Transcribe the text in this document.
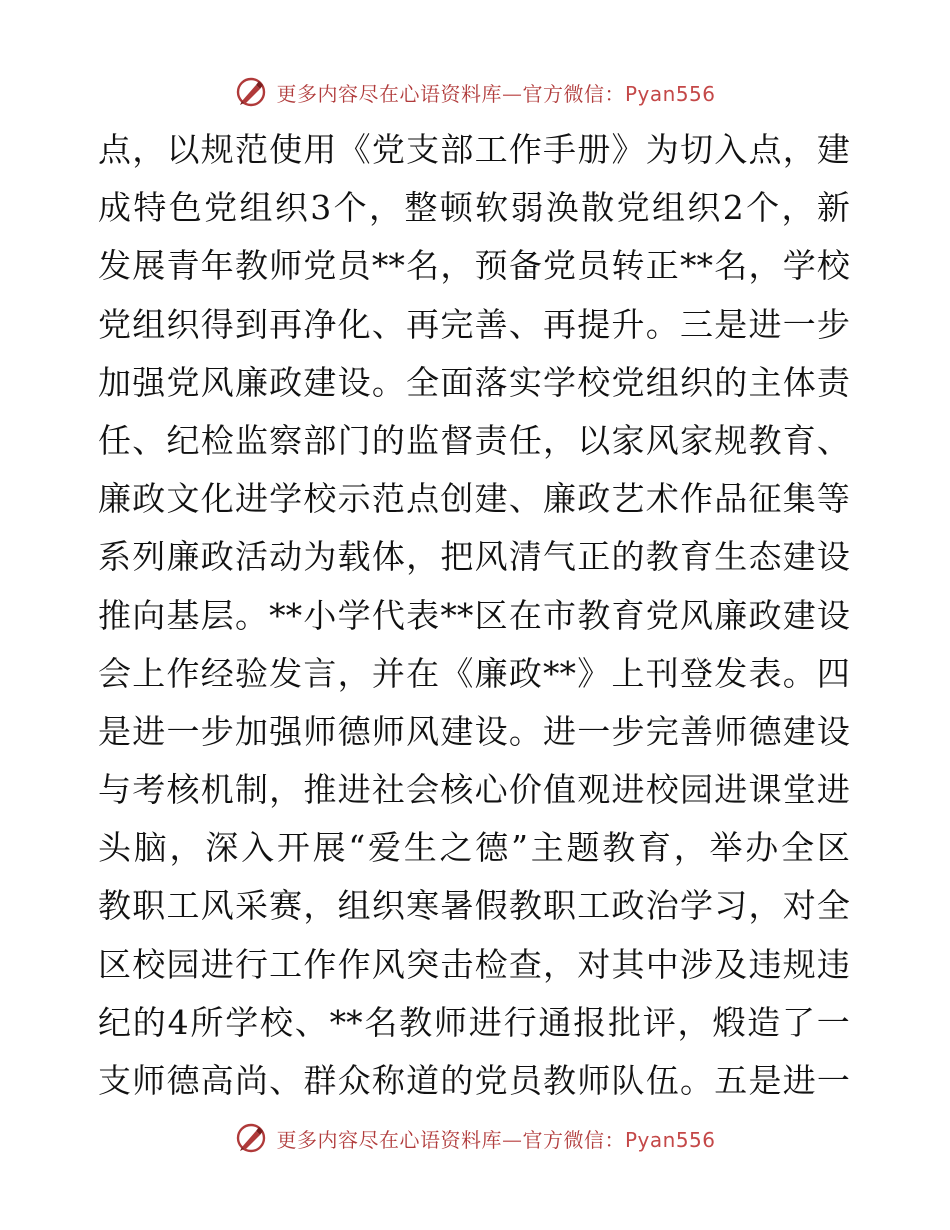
更多内容尽在心语资料库—官方微信：Pyan556
点 ， 以 规 范 使 用 《 党 支 部 工 作 手 册 》 为 切 入 点 ， 建
成 特 色 党 组 织 3 个 ， 整 顿 软 弱 涣 散 党 组 织 2 个 ， 新
发 展 青 年 教 师 党 员 ** 名 ， 预 备 党 员 转 正 ** 名 ， 学 校
党 组 织 得 到 再 净 化 、 再 完 善 、 再 提 升 。 三 是 进 一 步
加 强 党 风 廉 政 建 设 。 全 面 落 实 学 校 党 组 织 的 主 体 责
任 、 纪 检 监 察 部 门 的 监 督 责 任 ， 以 家 风 家 规 教 育 、
廉 政 文 化 进 学 校 示 范 点 创 建 、 廉 政 艺 术 作 品 征 集 等
系 列 廉 政 活 动 为 载 体 ， 把 风 清 气 正 的 教 育 生 态 建 设
推 向 基 层 。 ** 小 学 代 表 ** 区 在 市 教 育 党 风 廉 政 建 设
会 上 作 经 验 发 言 ， 并 在 《 廉 政 ** 》 上 刊 登 发 表 。 四
是 进 一 步 加 强 师 德 师 风 建 设 。 进 一 步 完 善 师 德 建 设
与 考 核 机 制 ， 推 进 社 会 核 心 价 值 观 进 校 园 进 课 堂 进
头 脑 ， 深 入 开 展 “ 爱 生 之 德 ” 主 题 教 育 ， 举 办 全 区
教 职 工 风 采 赛 ， 组 织 寒 暑 假 教 职 工 政 治 学 习 ， 对 全
区 校 园 进 行 工 作 作 风 突 击 检 查 ， 对 其 中 涉 及 违 规 违
纪 的 4 所 学 校 、 ** 名 教 师 进 行 通 报 批 评 ， 煅 造 了 一
支 师 德 高 尚 、 群 众 称 道 的 党 员 教 师 队 伍 。 五 是 进 一
更多内容尽在心语资料库—官方微信：Pyan556
